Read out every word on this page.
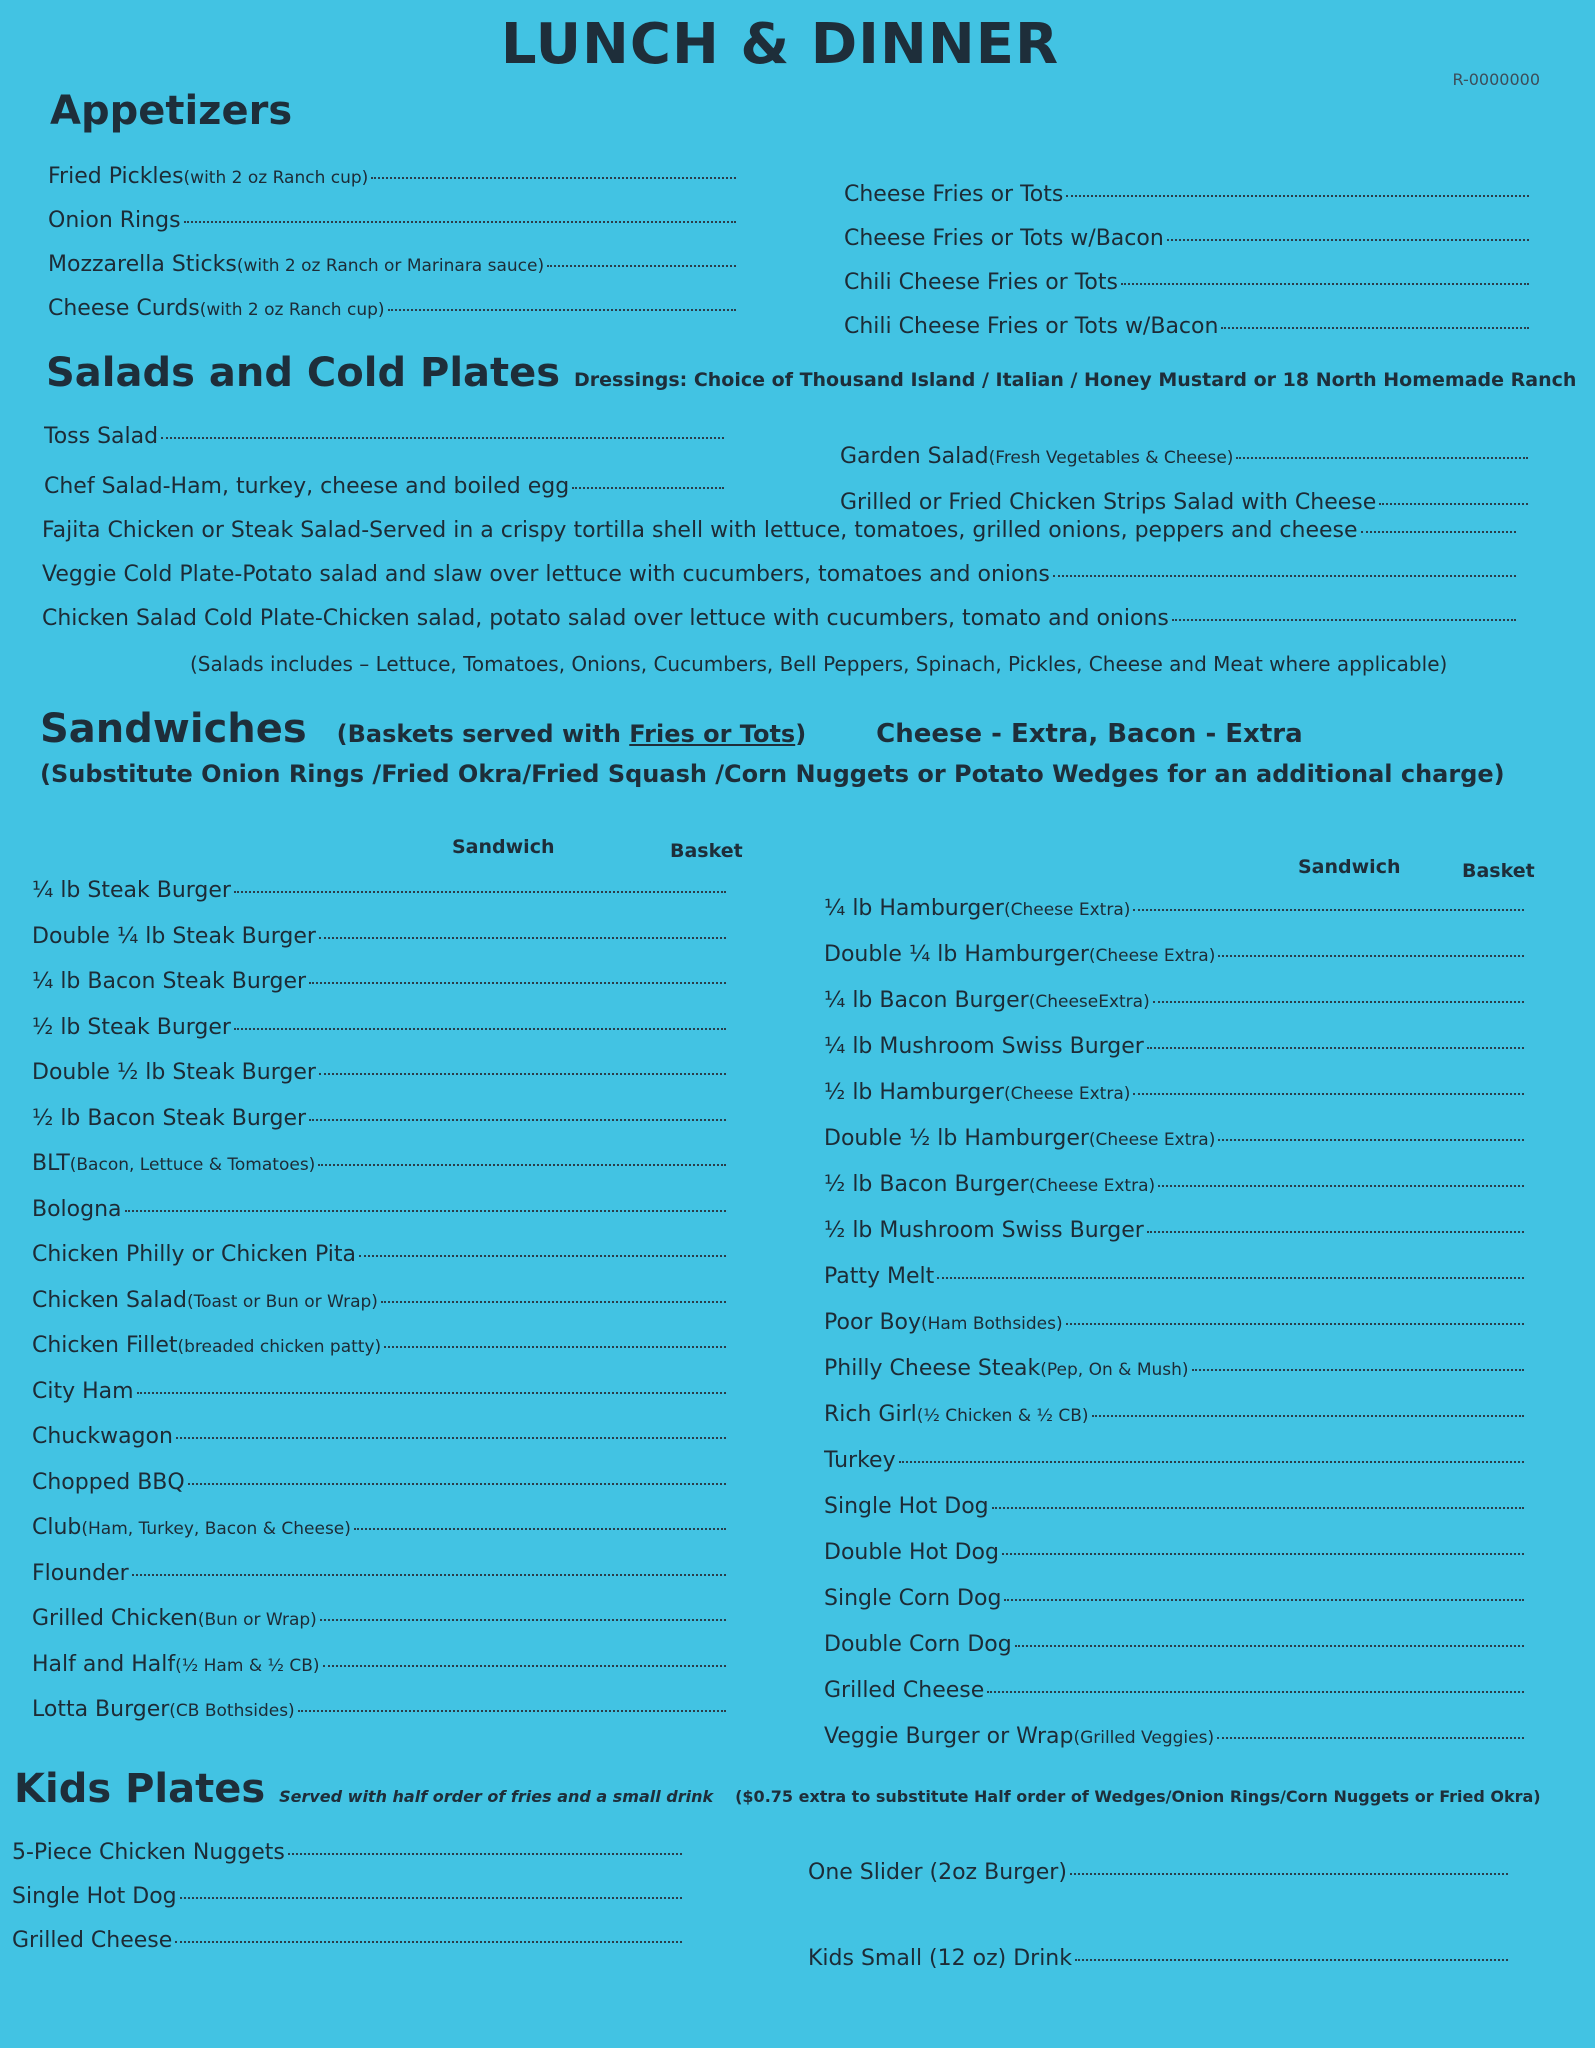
LUNCH & DINNER
R-0000000
Appetizers
Fried Pickles (with 2 oz Ranch cup)
Onion Rings
Mozzarella Sticks (with 2 oz Ranch or Marinara sauce)
Cheese Curds (with 2 oz Ranch cup)
Cheese Fries or Tots
Cheese Fries or Tots w/Bacon
Chili Cheese Fries or Tots
Chili Cheese Fries or Tots w/Bacon
Salads and Cold Plates Dressings: Choice of Thousand Island / Italian / Honey Mustard or 18 North Homemade Ranch
Toss Salad
Chef Salad-Ham, turkey, cheese and boiled egg
Garden Salad (Fresh Vegetables & Cheese)
Grilled or Fried Chicken Strips Salad with Cheese
Fajita Chicken or Steak Salad-Served in a crispy tortilla shell with lettuce, tomatoes, grilled onions, peppers and cheese
Veggie Cold Plate-Potato salad and slaw over lettuce with cucumbers, tomatoes and onions
Chicken Salad Cold Plate-Chicken salad, potato salad over lettuce with cucumbers, tomato and onions
(Salads includes – Lettuce, Tomatoes, Onions, Cucumbers, Bell Peppers, Spinach, Pickles, Cheese and Meat where applicable)
Sandwiches (Baskets served with Fries or Tots)	Cheese - Extra, Bacon - Extra
(Substitute Onion Rings /Fried Okra/Fried Squash /Corn Nuggets or Potato Wedges for an additional charge)
Sandwich	Basket
Sandwich	Basket
¼ lb Steak Burger
Double ¼ lb Steak Burger
¼ lb Bacon Steak Burger
½ lb Steak Burger
Double ½ lb Steak Burger
½ lb Bacon Steak Burger
BLT (Bacon, Lettuce & Tomatoes)
Bologna
Chicken Philly or Chicken Pita
Chicken Salad (Toast or Bun or Wrap)
Chicken Fillet (breaded chicken patty)
City Ham
Chuckwagon
Chopped BBQ
Club (Ham, Turkey, Bacon & Cheese)
Flounder
Grilled Chicken (Bun or Wrap)
Half and Half (½ Ham & ½ CB)
Lotta Burger (CB Bothsides)
¼ lb Hamburger (Cheese Extra)
Double ¼ lb Hamburger (Cheese Extra)
¼ lb Bacon Burger (CheeseExtra)
¼ lb Mushroom Swiss Burger
½ lb Hamburger (Cheese Extra)
Double ½ lb Hamburger (Cheese Extra)
½ lb Bacon Burger (Cheese Extra)
½ lb Mushroom Swiss Burger
Patty Melt
Poor Boy (Ham Bothsides)
Philly Cheese Steak (Pep, On & Mush)
Rich Girl (½ Chicken & ½ CB)
Turkey
Single Hot Dog
Double Hot Dog
Single Corn Dog
Double Corn Dog
Grilled Cheese
Veggie Burger or Wrap (Grilled Veggies)
Kids Plates Served with half order of fries and a small drink ($0.75 extra to substitute Half order of Wedges/Onion Rings/Corn Nuggets or Fried Okra)
5-Piece Chicken Nuggets
Single Hot Dog
Grilled Cheese
One Slider (2oz Burger)
Kids Small (12 oz) Drink
